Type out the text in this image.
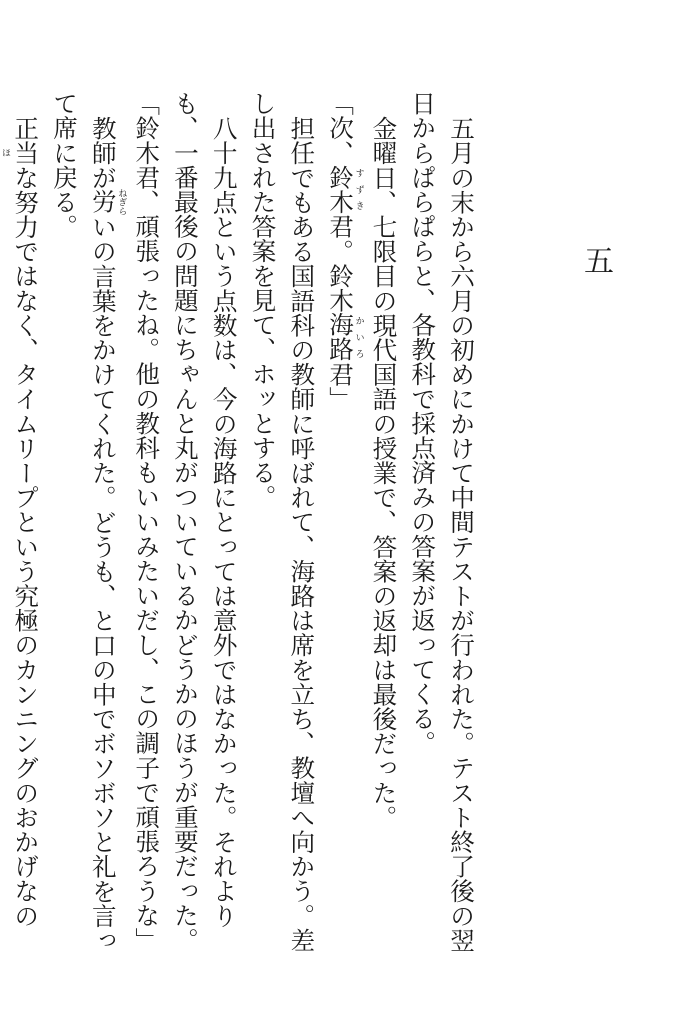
五

五月の末から六月の初めにかけて中間テストが行われた。テスト終了後の翌日からぱらぱらと、各教科で採点済みの答案が返ってくる。

金曜日、七限目の現代国語の授業で、答案の返却は最後だった。

「次、鈴木すずき君。鈴木海路かいろ君」

担任でもある国語科の教師に呼ばれて、海路は席を立ち、教壇へ向かう。差し出された答案を見て、ホッとする。

八十九点という点数は、今の海路にとっては意外ではなかった。それよりも、一番最後の問題にちゃんと丸がついているかどうかのほうが重要だった。

「鈴木君、頑張ったね。他の教科もいいみたいだし、この調子で頑張ろうな」

教師が労ねぎらいの言葉をかけてくれた。どうも、と口の中でボソボソと礼を言って席に戻る。

正当な努力ではなく、タイムリープという究極のカンニングのおかげなの ほ
